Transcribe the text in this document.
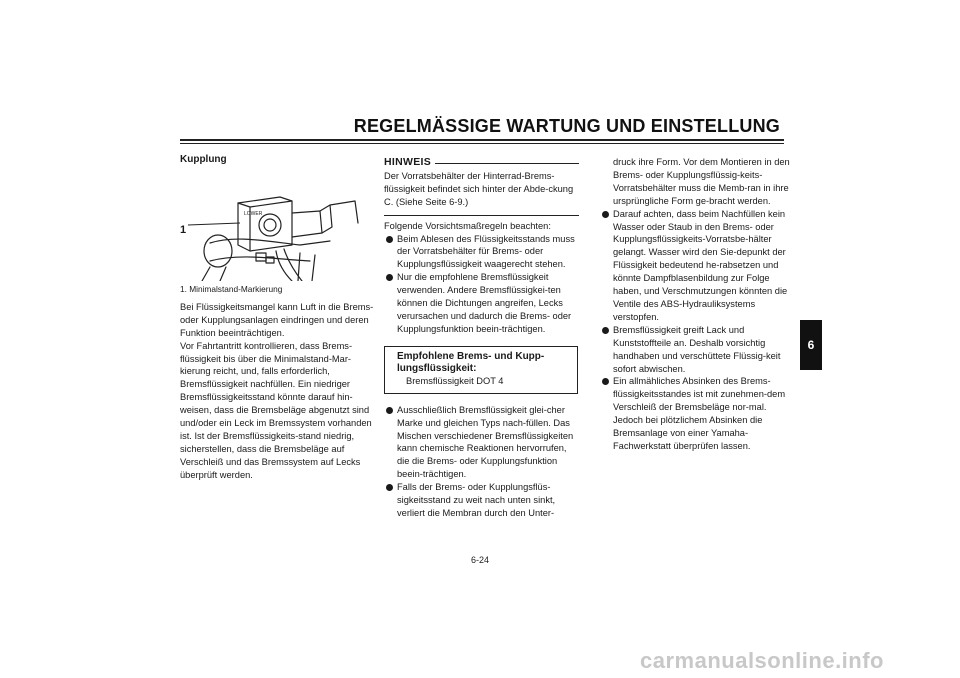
REGELMÄSSIGE WARTUNG UND EINSTELLUNG
Kupplung
LOWER
1
1. Minimalstand-Markierung

Bei Flüssigkeitsmangel kann Luft in die Brems- oder Kupplungsanlagen eindringen und deren Funktion beeinträchtigen.

Vor Fahrtantritt kontrollieren, dass Brems-flüssigkeit bis über die Minimalstand-Mar-kierung reicht, und, falls erforderlich, Bremsflüssigkeit nachfüllen. Ein niedriger Bremsflüssigkeitsstand könnte darauf hin-weisen, dass die Bremsbeläge abgenutzt sind und/oder ein Leck im Bremssystem vorhanden ist. Ist der Bremsflüssigkeits-stand niedrig, sicherstellen, dass die Bremsbeläge auf Verschleiß und das Bremssystem auf Lecks überprüft werden.

HINWEIS
Der Vorratsbehälter der Hinterrad-Brems-flüssigkeit befindet sich hinter der Abde-ckung C. (Siehe Seite 6-9.)
Folgende Vorsichtsmaßregeln beachten:
Beim Ablesen des Flüssigkeitsstands muss der Vorratsbehälter für Brems- oder Kupplungsflüssigkeit waagerecht stehen.
Nur die empfohlene Bremsflüssigkeit verwenden. Andere Bremsflüssigkei-ten können die Dichtungen angreifen, Lecks verursachen und dadurch die Brems- oder Kupplungsfunktion beein-trächtigen.
Empfohlene Brems- und Kupp-lungsflüssigkeit:
Bremsflüssigkeit DOT 4
Ausschließlich Bremsflüssigkeit glei-cher Marke und gleichen Typs nach-füllen. Das Mischen verschiedener Bremsflüssigkeiten kann chemische Reaktionen hervorrufen, die die Brems- oder Kupplungsfunktion beein-trächtigen.
Falls der Brems- oder Kupplungsflüs-sigkeitsstand zu weit nach unten sinkt, verliert die Membran durch den Unter-
druck ihre Form. Vor dem Montieren in den Brems- oder Kupplungsflüssig-keits-Vorratsbehälter muss die Memb-ran in ihre ursprüngliche Form ge-bracht werden.
Darauf achten, dass beim Nachfüllen kein Wasser oder Staub in den Brems- oder Kupplungsflüssigkeits-Vorratsbe-hälter gelangt. Wasser wird den Sie-depunkt der Flüssigkeit bedeutend he-rabsetzen und könnte Dampfblasenbildung zur Folge haben, und Verschmutzungen könnten die Ventile des ABS-Hydrauliksystems verstopfen.
Bremsflüssigkeit greift Lack und Kunststoffteile an. Deshalb vorsichtig handhaben und verschüttete Flüssig-keit sofort abwischen.
Ein allmähliches Absinken des Brems-flüssigkeitsstandes ist mit zunehmen-dem Verschleiß der Bremsbeläge nor-mal. Jedoch bei plötzlichem Absinken die Bremsanlage von einer Yamaha-Fachwerkstatt überprüfen lassen.
6
6-24
carmanualsonline.info
